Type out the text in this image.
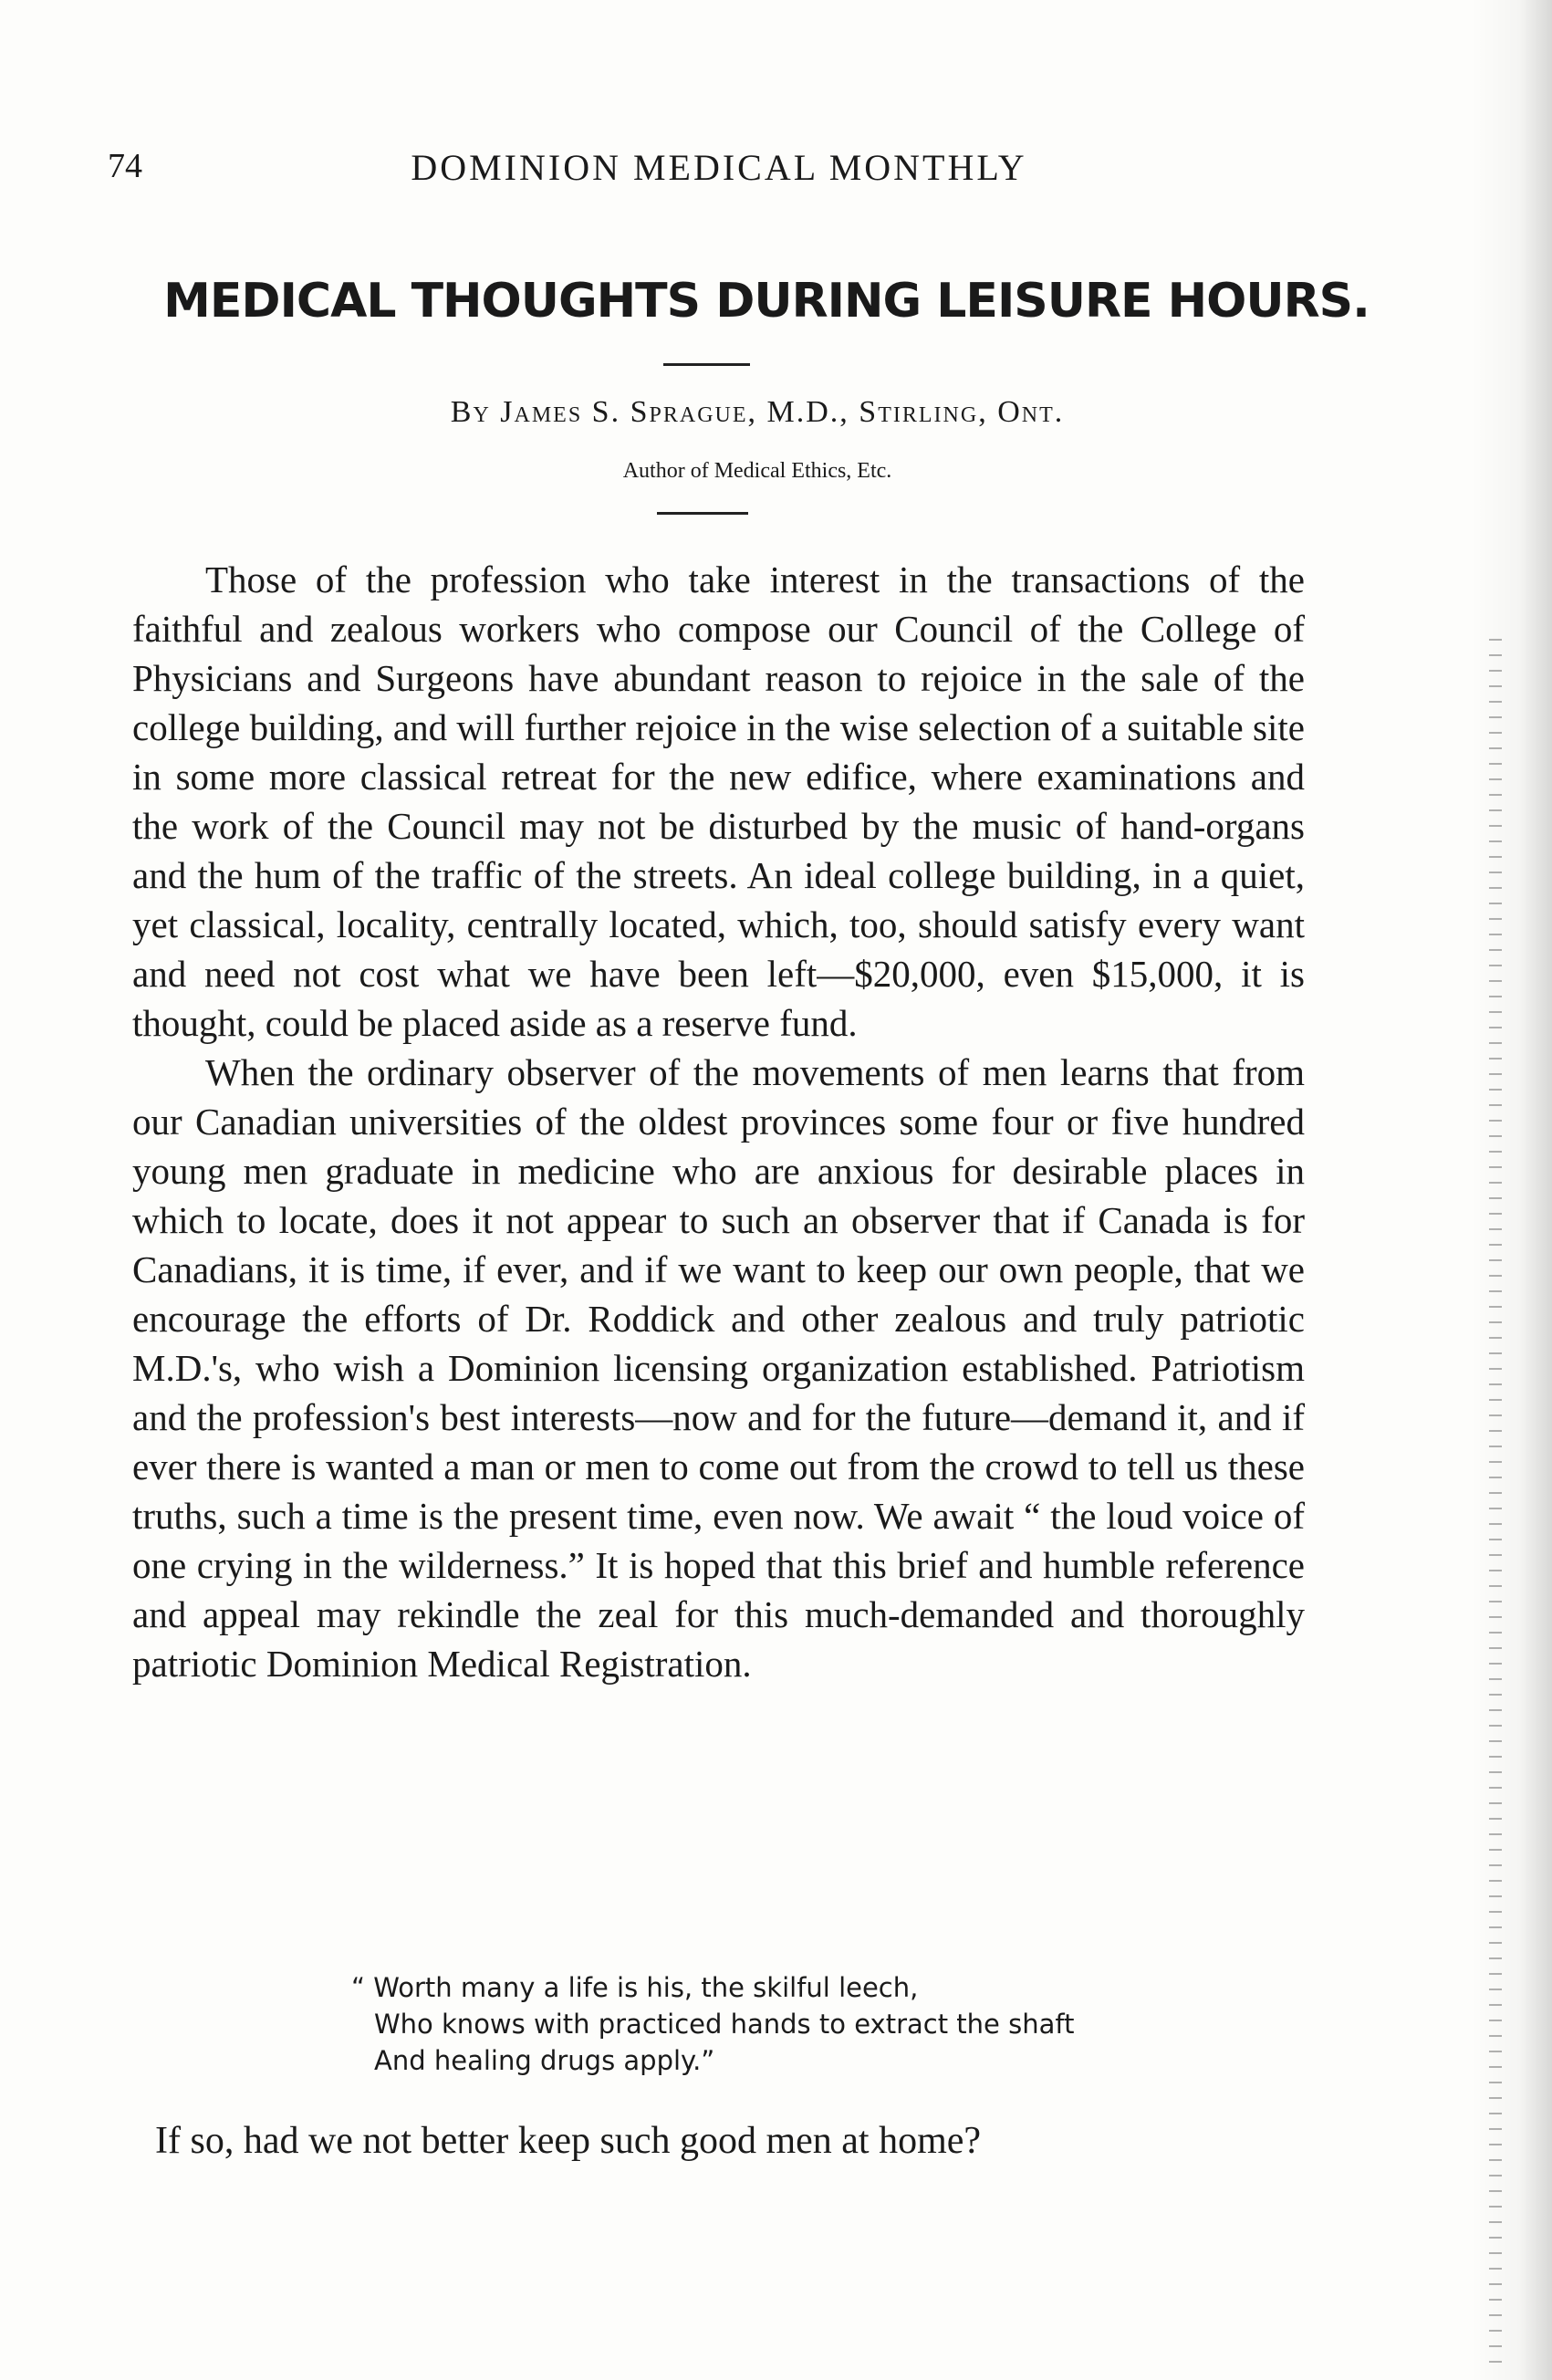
74	DOMINION MEDICAL MONTHLY
MEDICAL THOUGHTS DURING LEISURE HOURS.
By James S. Sprague, M.D., Stirling, Ont.
Author of Medical Ethics, Etc.

Those of the profession who take interest in the transactions of the faithful and zealous workers who compose our Council of the College of Physicians and Surgeons have abundant reason to rejoice in the sale of the college building, and will further rejoice in the wise selection of a suitable site in some more classical retreat for the new edifice, where examinations and the work of the Council may not be disturbed by the music of hand-organs and the hum of the traffic of the streets. An ideal college building, in a quiet, yet classical, locality, centrally located, which, too, should satisfy every want and need not cost what we have been left—$20,000, even $15,000, it is thought, could be placed aside as a reserve fund.

When the ordinary observer of the movements of men learns that from our Canadian universities of the oldest provinces some four or five hundred young men graduate in medicine who are anxious for desirable places in which to locate, does it not appear to such an observer that if Canada is for Canadians, it is time, if ever, and if we want to keep our own people, that we encourage the efforts of Dr. Roddick and other zealous and truly patriotic M.D.'s, who wish a Dominion licensing organization established. Patriotism and the profession's best interests—now and for the future—demand it, and if ever there is wanted a man or men to come out from the crowd to tell us these truths, such a time is the present time, even now. We await “ the loud voice of one crying in the wilderness.” It is hoped that this brief and humble reference and appeal may rekindle the zeal for this much-demanded and thoroughly patriotic Dominion Medical Registration.

“ Worth many a life is his, the skilful leech,
Who knows with practiced hands to extract the shaft
And healing drugs apply.”
If so, had we not better keep such good men at home?
